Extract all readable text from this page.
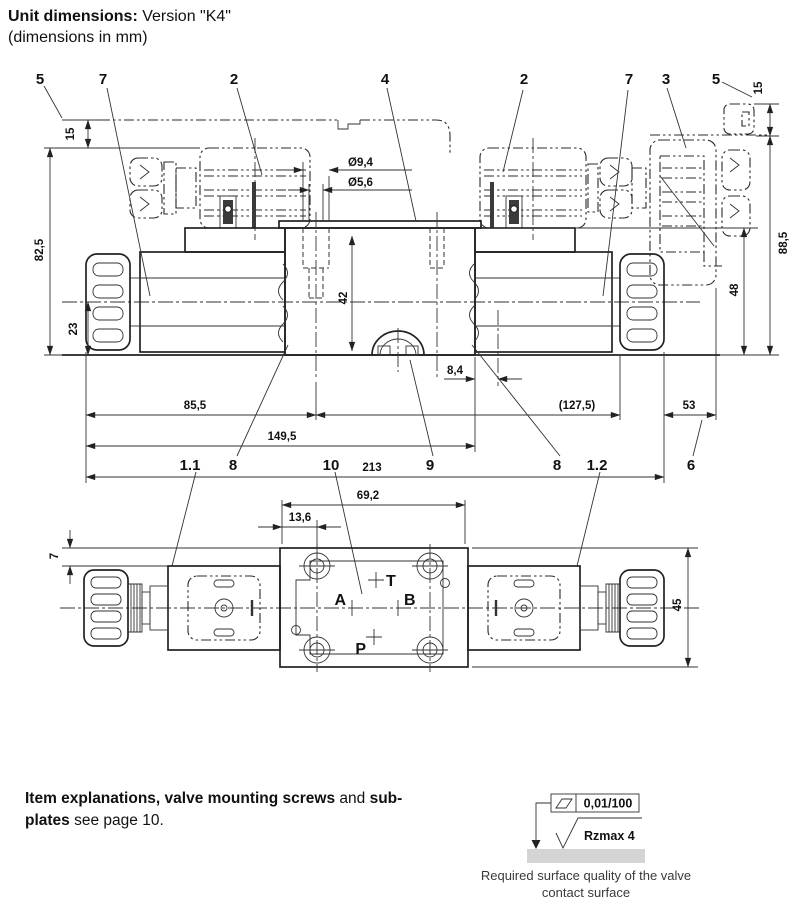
Unit dimensions: Version "K4"
(dimensions in mm)
15
82,5
23
Ø9,4
Ø5,6
42
15
88,5
48
8,4
85,5	(127,5)	53
149,5
213
5	7	2	4	2	7 3	5
1.1 8	10	9	8 1.2	6
T
A	B
P
69,2
13,6
7
45
0,01/100
Rzmax 4
Required surface quality of the valve
contact surface
Item explanations, valve mounting screws and sub-plates see page 10.
